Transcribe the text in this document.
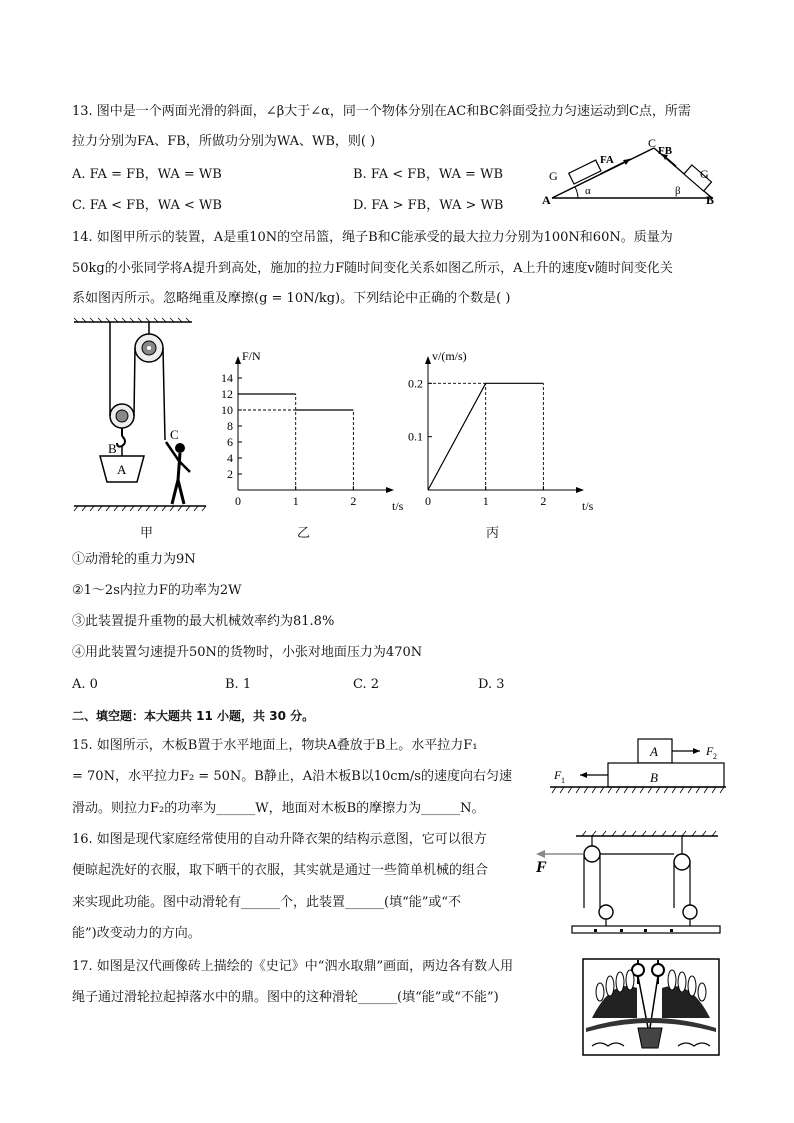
13. 图中是一个两面光滑的斜面，∠β大于∠α，同一个物体分别在AC和BC斜面受拉力匀速运动到C点，所需
拉力分别为FA、FB，所做功分别为WA、WB，则( )
A. FA = FB，WA = WB	B. FA < FB，WA = WB
C. FA < FB，WA < WB	D. FA > FB，WA > WB
C
FB
FA
G	G
α	β
A	B
14. 如图甲所示的装置，A是重10N的空吊篮，绳子B和C能承受的最大拉力分别为100N和60N。质量为
50kg的小张同学将A提升到高处，施加的拉力F随时间变化关系如图乙所示，A上升的速度v随时间变化关
系如图丙所示。忽略绳重及摩擦(g = 10N/kg)。下列结论中正确的个数是( )
B
A
C
甲
t/s
F/N
0	1	2
2
4
6
8
10
12
14
乙
t/s
v/(m/s)
0	1	2
0.1
0.2
丙
①动滑轮的重力为9N
②1～2s内拉力F的功率为2W
③此装置提升重物的最大机械效率约为81.8%
④用此装置匀速提升50N的货物时，小张对地面压力为470N
A. 0	B. 1	C. 2	D. 3
二、填空题：本大题共 11 小题，共 30 分。
15. 如图所示，木板B置于水平地面上，物块A叠放于B上。水平拉力F₁
= 70N，水平拉力F₂ = 50N。B静止，A沿木板B以10cm/s的速度向右匀速
滑动。则拉力F₂的功率为______W，地面对木板B的摩擦力为______N。
A
B
F 2
F 1
16. 如图是现代家庭经常使用的自动升降衣架的结构示意图，它可以很方
便晾起洗好的衣服，取下晒干的衣服，其实就是通过一些简单机械的组合
来实现此功能。图中动滑轮有______个，此装置______(填“能”或“不
能”)改变动力的方向。
F
17. 如图是汉代画像砖上描绘的《史记》中“泗水取鼎”画面，两边各有数人用
绳子通过滑轮拉起掉落水中的鼎。图中的这种滑轮______(填“能”或“不能”)
